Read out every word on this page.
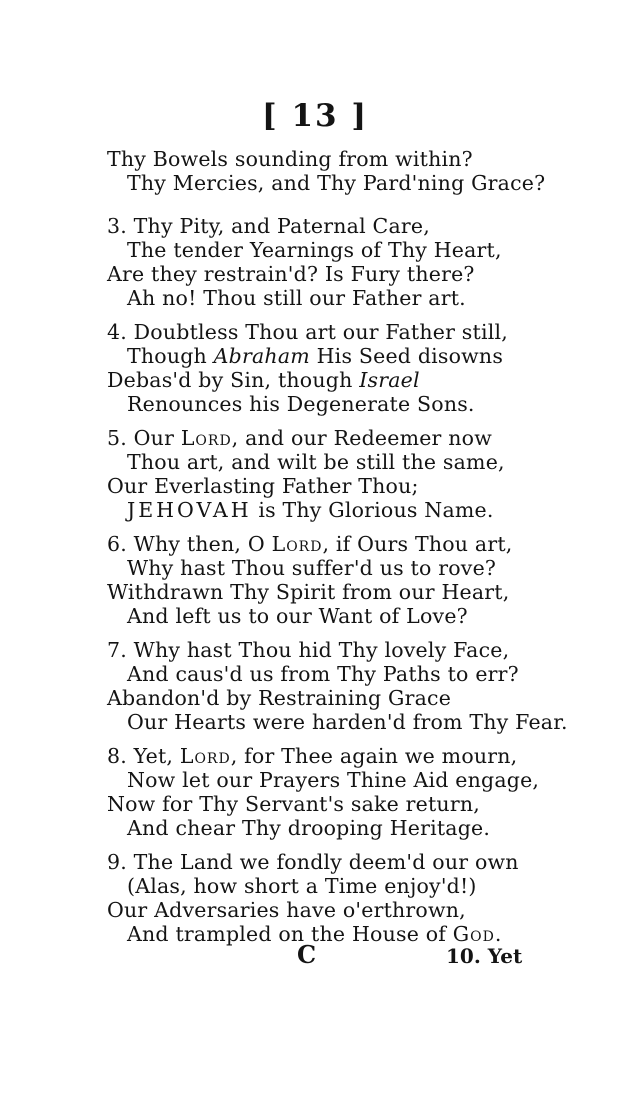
[ 13 ]
Thy Bowels sounding from within?
Thy Mercies, and Thy Pard'ning Grace?
3. Thy Pity, and Paternal Care,
The tender Yearnings of Thy Heart,
Are they restrain'd? Is Fury there?
Ah no! Thou still our Father art.
4. Doubtless Thou art our Father still,
Though Abraham His Seed disowns
Debas'd by Sin, though Israel
Renounces his Degenerate Sons.
5. Our Lord, and our Redeemer now
Thou art, and wilt be still the same,
Our Everlasting Father Thou;
JEHOVAH is Thy Glorious Name.
6. Why then, O Lord, if Ours Thou art,
Why hast Thou suffer'd us to rove?
Withdrawn Thy Spirit from our Heart,
And left us to our Want of Love?
7. Why hast Thou hid Thy lovely Face,
And caus'd us from Thy Paths to err?
Abandon'd by Restraining Grace
Our Hearts were harden'd from Thy Fear.
8. Yet, Lord, for Thee again we mourn,
Now let our Prayers Thine Aid engage,
Now for Thy Servant's sake return,
And chear Thy drooping Heritage.
9. The Land we fondly deem'd our own
(Alas, how short a Time enjoy'd!)
Our Adversaries have o'erthrown,
And trampled on the House of God.
C	10. Yet
